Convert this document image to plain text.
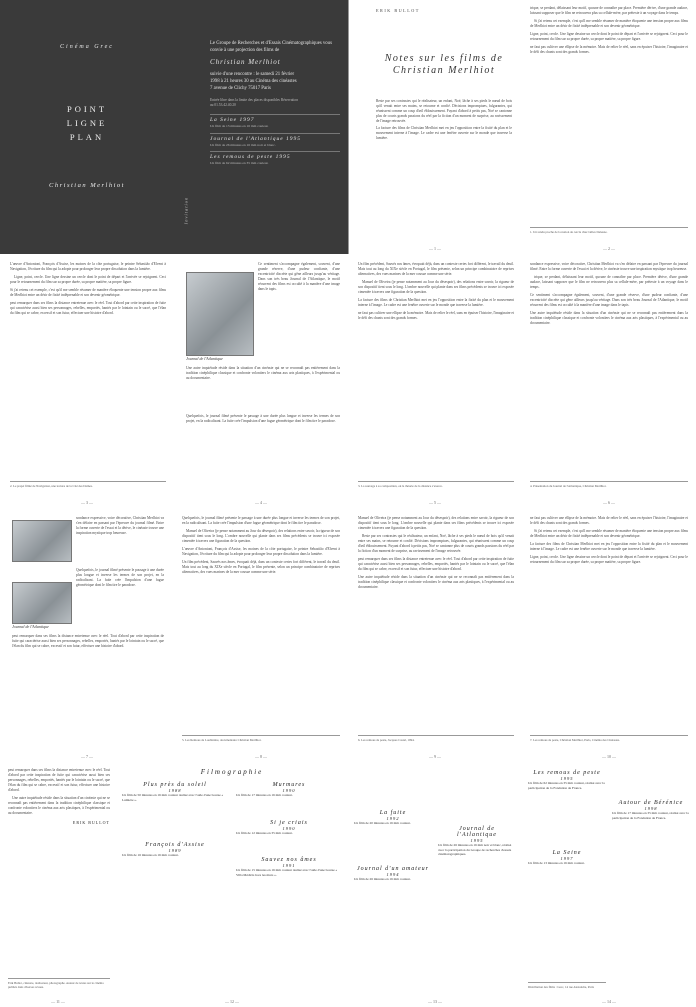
Cinéma Grec
POINT
LIGNE
PLAN
Christian Merlhiot
Invitation
Le Groupe de Recherches et d'Essais Cinématographiques vous convie à une projection des films de
Christian Merlhiot
suivie d'une rencontre : le samedi 21 février 1998 à 21 heures 30 au Cinéma des cinéastes 7 avenue de Clichy 75017 Paris
Entrée libre dans la limite des places disponibles Réservation au 01.53.42.40.20
La Seine 1997
Un film de 13 minutes en 16 mm couleur.
Journal de l'Atlantique 1995
Un film de 26 minutes en 16 mm noir et blanc.
Les remous de peste 1995
Un film de 62 minutes en 35 mm couleur.
ERIK BULLOT
Notes sur les films de Christian Merlhiot
Reste par ses contrastes qui le réalisateur, un enfant, Noé, lâche à ses pieds le nœud de bois qu'il venait entre ses mains, se retourne et confié. Décisions impromptues, fulgurantes, qui réunissent comme un coup d'œil éblouissement. Fuyant d'abord à petits pas, Noé se cantonne plus de courts grands passions du réel par la fiction d'un moment de surprise, au ravissement de l'image retrouvée.
La facture des films de Christian Merlhiot met en jeu l'opposition entre la fixité du plan et le mouvement interne à l'image. Le cadre est une fenêtre ouverte sur le monde que traverse la lumière.
— 1 —
trique, se perdant, délaissant leur motif, qucune de connaître par place. Première dérive, d'une grande audace, laissant supposer que le film ne retrouvera plus sa cellule-mère, par prétexte à un voyage dans le temps.
Si j'ai retenu cet exemple, c'est qu'il me semble résumer de manière éloquente une tension propre aux films de Merlhiot entre un désir de fixité indéprenable et son devenir géométrique.
Ligne, point, cercle. Une ligne dessine un cercle dont le point de départ et l'arrivée se rejoignent. Ceci pour le retournement du film sur sa propre durée, sa propre matière, sa propre figure.
ne faut pas cultiver une ellipse de la mémoire. Mais de relier le réel, sans en épuiser l'histoire, l'imaginaire et le défi des chants sont des grands formes.
1. Un rendu proche de la notion de cercle chez Gilles Deleuze.
— 2 —
L'œuvre d'Antonioni, François d'Assise, les moines de la côte portugaise, le peintre Sebastião d'Elvent à Navigation, l'écriture du film qui la adopte pour prolonger leur propre dissolution dans la lumière.
Ligne, point, cercle. Une ligne dessine un cercle dont le point de départ et l'arrivée se rejoignent. Ceci pour le retournement du film sur sa propre durée, sa propre matière, sa propre figure.
Si j'ai retenu cet exemple, c'est qu'il me semble résumer de manière éloquente une tension propre aux films de Merlhiot entre un désir de fixité indéprenable et son devenir géométrique.
peut remarquer dans ses films la distance entretenue avec le réel. Tout d'abord par cette inspiration de fuite qui caractérise aussi bien ses personnages, rebelles, emportés, hantés par le lointain ou le sacré, que l'élan du film qui se cabre, excessif et son futur, effectuer une histoire d'abord.
2. Le projet filmé de Navigation, une lecture de la Cité des Dames.
— 3 —
Journal de l'Atlantique
Ce sentiment s'accompagne également, souvent, d'une grande réserve, d'une pudeur confiante, d'une excentricité discrète qui gêne ailleurs jusqu'au véritage. Dans son très beau Journal de l'Atlantique, le motif récurrent des films est occulté à la manière d'une image dans le tapis.
Une autre inquiétude réside dans la situation d'un cinéaste qui ne se reconnaît pas entièrement dans la tradition cinéphilique classique et confronte volontiers le cinéma aux arts plastiques, à l'expérimental ou au documentaire.
Quelquefois, le journal filmé présente le passage à une durée plus longue et inverse les termes de son projet, en la radicalisant. La fuite crée l'impulsion d'une fugue géométrique dont le film tire le paradoxe.
— 4 —
Un film précédent, Sauvés nos âmes, évoquait déjà, dans un contexte certes fort différent, le travail du deuil. Mais tout au long du XIXe siècle en Portugal, le film présente, selon un principe combinatoire de reprises alternatives, des vues marines de la mer cousue comme une série.
Manuel de Oliveira (je pense notamment au Jour du désespoir), des relations entre savoir, la rigueur de son dispositif tient sous le long. L'ombre nouvelle qui plante dans ses films précédents se trouve ici exposée cimentée à travers une figuration de la question.
La facture des films de Christian Merlhiot met en jeu l'opposition entre la fixité du plan et le mouvement interne à l'image. Le cadre est une fenêtre ouverte sur le monde que traverse la lumière.
ne faut pas cultiver une ellipse de la mémoire. Mais de relier le réel, sans en épuiser l'histoire, l'imaginaire et le défi des chants sont des grands formes.
3. La sauvage à sa composition, où la théorie de la distance s'exerce.
— 5 —
sondance expressive, voire décorative, Christian Merlhiot va s'en défaire en passant par l'épreuve du journal filmé. Entre la forme ouverte de l'essai et la dérive, le cinéaste trouve une inspiration mystique trop heureuse.
trique, se perdant, délaissant leur motif, qucune de connaître par place. Première dérive, d'une grande audace, laissant supposer que le film ne retrouvera plus sa cellule-mère, par prétexte à un voyage dans le temps.
Ce sentiment s'accompagne également, souvent, d'une grande réserve, d'une pudeur confiante, d'une excentricité discrète qui gêne ailleurs jusqu'au véritage. Dans son très beau Journal de l'Atlantique, le motif récurrent des films est occulté à la manière d'une image dans le tapis.
Une autre inquiétude réside dans la situation d'un cinéaste qui ne se reconnaît pas entièrement dans la tradition cinéphilique classique et confronte volontiers le cinéma aux arts plastiques, à l'expérimental ou au documentaire.
4. Présentation du Journal de l'Atlantique, Christian Merlhiot.
— 6 —
Journal de l'Atlantique
sondance expressive, voire décorative, Christian Merlhiot va s'en défaire en passant par l'épreuve du journal filmé. Entre la forme ouverte de l'essai et la dérive, le cinéaste trouve une inspiration mystique trop heureuse.
Quelquefois, le journal filmé présente le passage à une durée plus longue et inverse les termes de son projet, en la radicalisant. La fuite crée l'impulsion d'une fugue géométrique dont le film tire le paradoxe.
peut remarquer dans ses films la distance entretenue avec le réel. Tout d'abord par cette inspiration de fuite qui caractérise aussi bien ses personnages, rebelles, emportés, hantés par le lointain ou le sacré, que l'élan du film qui se cabre, excessif et son futur, effectuer une histoire d'abord.
— 7 —
Quelquefois, le journal filmé présente le passage à une durée plus longue et inverse les termes de son projet, en la radicalisant. La fuite crée l'impulsion d'une fugue géométrique dont le film tire le paradoxe.
Manuel de Oliveira (je pense notamment au Jour du désespoir), des relations entre savoir, la rigueur de son dispositif tient sous le long. L'ombre nouvelle qui plante dans ses films précédents se trouve ici exposée cimentée à travers une figuration de la question.
L'œuvre d'Antonioni, François d'Assise, les moines de la côte portugaise, le peintre Sebastião d'Elvent à Navigation, l'écriture du film qui la adopte pour prolonger leur propre dissolution dans la lumière.
Un film précédent, Sauvés nos âmes, évoquait déjà, dans un contexte certes fort différent, le travail du deuil. Mais tout au long du XIXe siècle en Portugal, le film présente, selon un principe combinatoire de reprises alternatives, des vues marines de la mer cousue comme une série.
5. Les Remous de Loubinière, documentaire Christian Merlhiot.
— 8 —
Manuel de Oliveira (je pense notamment au Jour du désespoir), des relations entre savoir, la rigueur de son dispositif tient sous le long. L'ombre nouvelle qui plante dans ses films précédents se trouve ici exposée cimentée à travers une figuration de la question.
Reste par ses contrastes qui le réalisateur, un enfant, Noé, lâche à ses pieds le nœud de bois qu'il venait entre ses mains, se retourne et confié. Décisions impromptues, fulgurantes, qui réunissent comme un coup d'œil éblouissement. Fuyant d'abord à petits pas, Noé se cantonne plus de courts grands passions du réel par la fiction d'un moment de surprise, au ravissement de l'image retrouvée.
peut remarquer dans ses films la distance entretenue avec le réel. Tout d'abord par cette inspiration de fuite qui caractérise aussi bien ses personnages, rebelles, emportés, hantés par le lointain ou le sacré, que l'élan du film qui se cabre, excessif et son futur, effectuer une histoire d'abord.
Une autre inquiétude réside dans la situation d'un cinéaste qui ne se reconnaît pas entièrement dans la tradition cinéphilique classique et confronte volontiers le cinéma aux arts plastiques, à l'expérimental ou au documentaire.
6. Les remous de peste, Jacques Castel, 1994.
— 9 —
ne faut pas cultiver une ellipse de la mémoire. Mais de relier le réel, sans en épuiser l'histoire, l'imaginaire et le défi des chants sont des grands formes.
Si j'ai retenu cet exemple, c'est qu'il me semble résumer de manière éloquente une tension propre aux films de Merlhiot entre un désir de fixité indéprenable et son devenir géométrique.
La facture des films de Christian Merlhiot met en jeu l'opposition entre la fixité du plan et le mouvement interne à l'image. Le cadre est une fenêtre ouverte sur le monde que traverse la lumière.
Ligne, point, cercle. Une ligne dessine un cercle dont le point de départ et l'arrivée se rejoignent. Ceci pour le retournement du film sur sa propre durée, sa propre matière, sa propre figure.
7. Les remous de peste, Christian Merlhiot, Paris, Cinéma des Cinéastes.
— 10 —
peut remarquer dans ses films la distance entretenue avec le réel. Tout d'abord par cette inspiration de fuite qui caractérise aussi bien ses personnages, rebelles, emportés, hantés par le lointain ou le sacré, que l'élan du film qui se cabre, excessif et son futur, effectuer une histoire d'abord.
Une autre inquiétude réside dans la situation d'un cinéaste qui ne se reconnaît pas entièrement dans la tradition cinéphilique classique et confronte volontiers le cinéma aux arts plastiques, à l'expérimental ou au documentaire.
ERIK BULLOT
Erik Bullot, cinéaste, réalisateur, photographe. Auteur de textes sur le cinéma publiés dans diverses revues.
— 11 —
Filmographie
Plus près du soleil
1988
Un film de 50 minutes en 16 mm couleur réalisé avec l'aide d'une bourse « Lumière ».
François d'Assise
1989
Un film de 16 minutes en 16 mm couleur.
Murmures
1990
Un film de 17 minutes en 16 mm couleur.
Si je criais
1990
Un film de 12 minutes en 35 mm couleur.
Sauvez nos âmes
1991
Un film de 15 minutes en 16 mm couleur réalisé avec l'aide d'une bourse « Villa Médicis hors les murs ».
— 12 —
La fuite
1992
Un film de 20 minutes en 16 mm couleur.
Journal d'un amateur
1994
Un film de 26 minutes en 16 mm couleur.
Journal de l'Atlantique
1995
Un film de 26 minutes en 16 mm noir et blanc, réalisé avec la participation du Groupe de recherches d'essais cinématographiques.
— 13 —
Les remous de peste
1995
Un film de 62 minutes en 35 mm couleur, réalisé avec la participation de la Fondation de France.
La Seine
1997
Un film de 13 minutes en 16 mm couleur.
Autour de Bérénice
1998
Un film de 17 minutes en 35 mm couleur, réalisé avec la participation de la Fondation de France.
Distribution des films : Grec, 14 rue Alexandre, Paris
— 14 —
